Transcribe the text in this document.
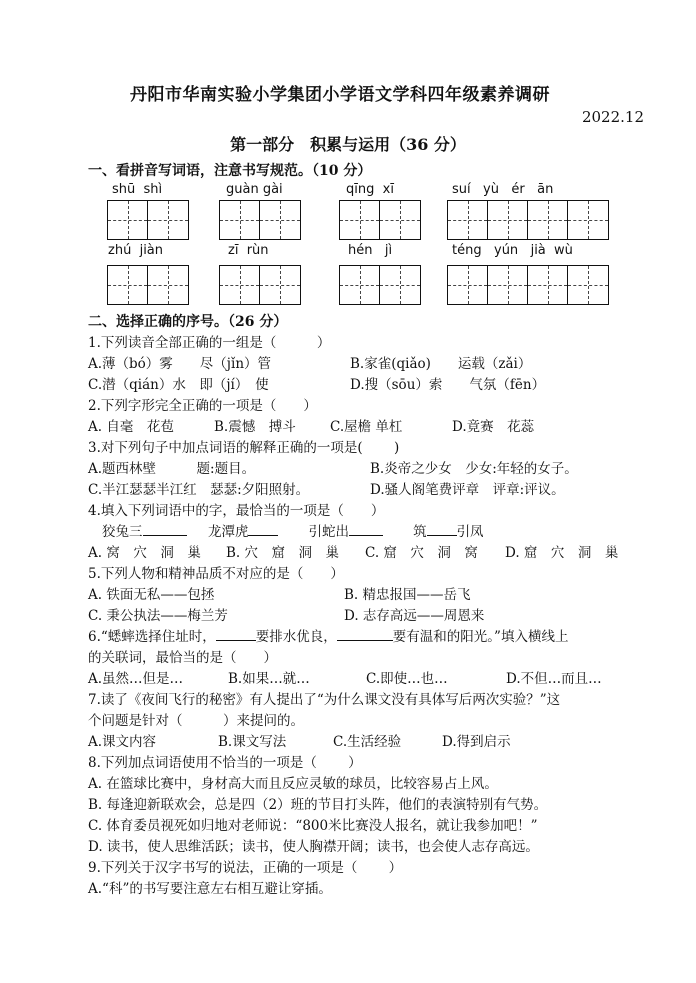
丹阳市华南实验小学集团小学语文学科四年级素养调研
2022.12
第一部分　积累与运用（36 分）
一、看拼音写词语，注意书写规范。（10 分）
shū shì	guàn gài	qīng xī	suí yù ér ān
zhú jiàn	zī rùn	hén jì	téng yún jià wù
二、选择正确的序号。（26 分）
1.下列读音全部正确的一组是（　　　）
A.薄（bó）雾　　尽（jǐn）管	B.家雀(qiǎo)　　运载（zǎi）
C.潜（qián）水　即（jí）　使	D.搜（sōu）索　　气氛（fēn）
2.下列字形完全正确的一项是（　　）
A. 自毫　花苞	B.震憾　搏斗	C.屋檐 单杠	D.竟赛　花蕊
3.对下列句子中加点词语的解释正确的一项是(　　 )
A.题西林壁　　　题:题目。	B.炎帝之少女　少女:年轻的女子。
C.半江瑟瑟半江红　瑟瑟:夕阳照射。	D.骚人阁笔费评章　评章:评议。
4.填入下列词语中的字，最恰当的一项是（　　）
狡兔三	龙潭虎	引蛇出	筑 引凤
A. 窝　穴　洞　巢 B. 穴　窟　洞　巢 C. 窟　穴　洞　窝 D. 窟　穴　洞　巢
5.下列人物和精神品质不对应的是（　　）
A. 铁面无私——包拯	B. 精忠报国——岳飞
C. 秉公执法——梅兰芳	D. 志存高远——周恩来
6.“蟋蟀选择住址时，	要排水优良，	要有温和的阳光。”填入横线上
的关联词，最恰当的是（　　）
A.虽然…但是…	B.如果…就…	C.即使…也…	D.不但…而且…
7.读了《夜间飞行的秘密》有人提出了“为什么课文没有具体写后两次实验？”这
个问题是针对（　　　）来提问的。
A.课文内容	B.课文写法	C.生活经验	D.得到启示
8.下列加点词语使用不恰当的一项是（　　 ）
A. 在篮球比赛中，身材高大而且反应灵敏的球员，比较容易占上风。
B. 每逢迎新联欢会，总是四（2）班的节目打头阵，他们的表演特别有气势。
C. 体育委员视死如归地对老师说：“800米比赛没人报名，就让我参加吧！”
D. 读书，使人思维活跃；读书，使人胸襟开阔；读书，也会使人志存高远。
9.下列关于汉字书写的说法，正确的一项是（　　 ）
A.“科”的书写要注意左右相互避让穿插。
